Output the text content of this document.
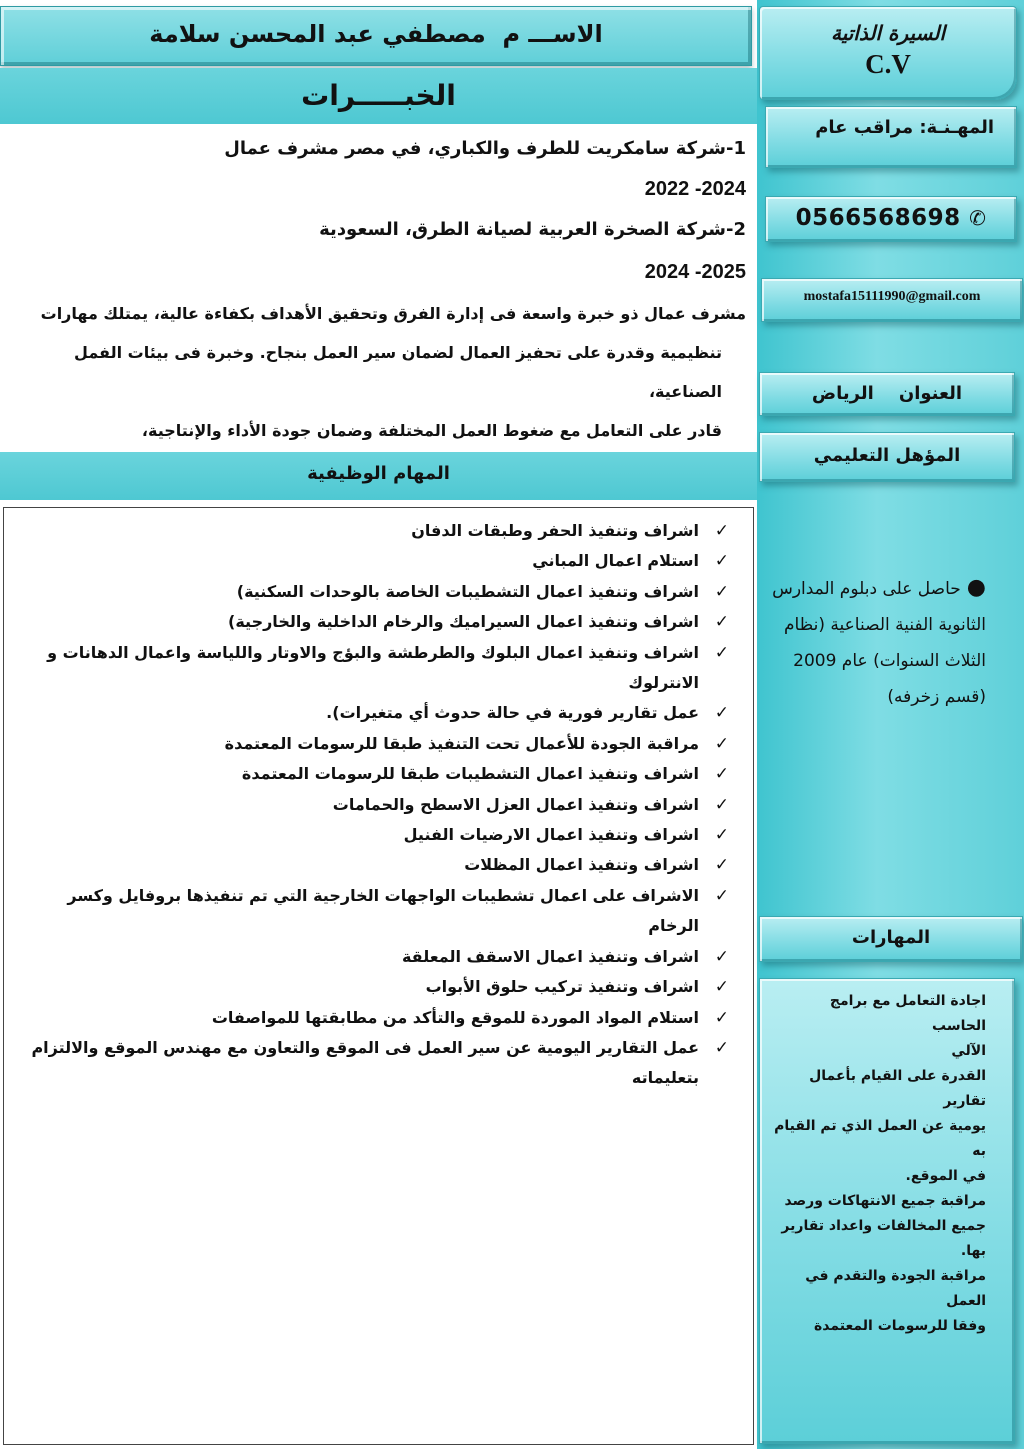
السيرة الذاتية
C.V
المهـنـة: مراقب عام
0566568698 ✆
mostafa15111990@gmail.com
العنوان    الرياض
المؤهل التعليمي
●حاصل على دبلوم المدارس
الثانوية الفنية الصناعية (نظام
الثلاث السنوات) عام 2009
(قسم زخرفه)
المهارات
اجادة التعامل مع برامج الحاسب
الآلي
القدرة على القيام بأعمال تقارير
يومية عن العمل الذي تم القيام به
في الموقع.
مراقبة جميع الانتهاكات ورصد
جميع المخالفات واعداد تقارير
بها.
مراقبة الجودة والتقدم في العمل
وفقا للرسومات المعتمدة
الاســـ م  مصطفي عبد المحسن سلامة
الخبـــــرات
1-شركة سامكريت للطرف والكباري، في مصر مشرف عمال
2022 -2024
2-شركة الصخرة العربية لصيانة الطرق، السعودية
2024 -2025
مشرف عمال ذو خبرة واسعة فى إدارة الفرق وتحقيق الأهداف بكفاءة عالية، يمتلك مهارات
تنظيمية وقدرة على تحفيز العمال لضمان سير العمل بنجاح. وخبرة فى بيئات الفمل الصناعية،
قادر على التعامل مع ضغوط العمل المختلفة وضمان جودة الأداء والإنتاجية،
المهام الوظيفية
✓
اشراف وتنفيذ الحفر وطبقات الدفان
✓
استلام اعمال المباني
✓
اشراف وتنفيذ اعمال التشطيبات الخاصة بالوحدات السكنية)
✓
اشراف وتنفيذ اعمال السيراميك والرخام الداخلية والخارجية)
✓
اشراف وتنفيذ اعمال البلوك والطرطشة والبؤج والاوتار واللياسة واعمال الدهانات و الانترلوك
✓
عمل تقارير فورية في حالة حدوث أي متغيرات).
✓
مراقبة الجودة للأعمال تحت التنفيذ طبقا للرسومات المعتمدة
✓
اشراف وتنفيذ اعمال التشطيبات طبقا للرسومات المعتمدة
✓
اشراف وتنفيذ اعمال العزل الاسطح والحمامات
✓
اشراف وتنفيذ اعمال الارضيات الفنيل
✓
اشراف وتنفيذ اعمال المظلات
✓
الاشراف على اعمال تشطيبات الواجهات الخارجية التي تم تنفيذها بروفايل وكسر الرخام
✓
اشراف وتنفيذ اعمال الاسقف المعلقة
✓
اشراف وتنفيذ تركيب حلوق الأبواب
✓
استلام المواد الموردة للموقع والتأكد من مطابقتها للمواصفات
✓
عمل التقارير اليومية عن سير العمل فى الموقع والتعاون مع مهندس الموقع والالتزام بتعليماته
